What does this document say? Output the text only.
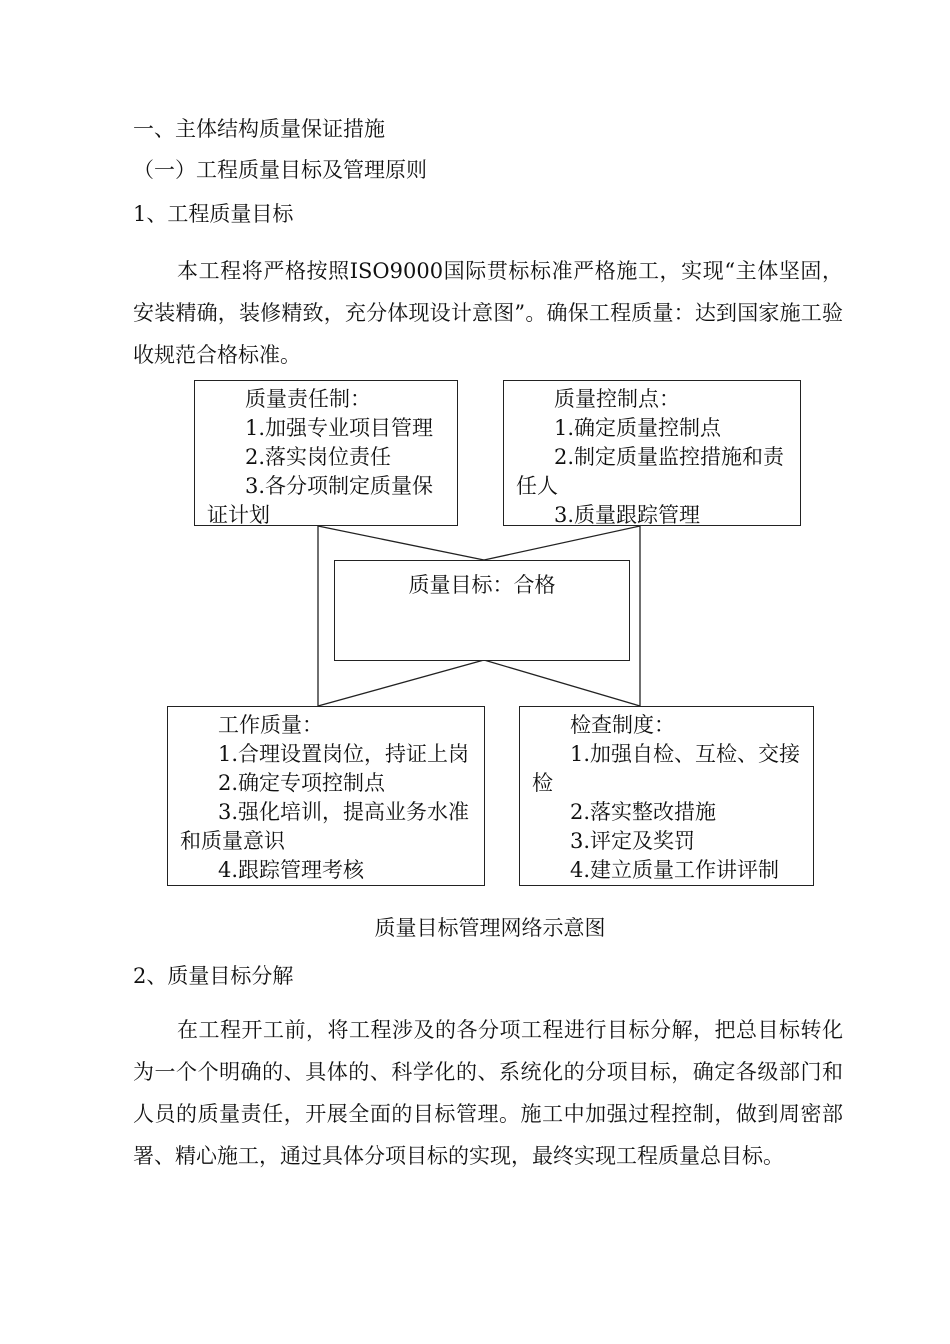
一、主体结构质量保证措施
（一）工程质量目标及管理原则
1、工程质量目标
本工程将严格按照ISO9000国际贯标标准严格施工，实现“主体坚固，安装精确，装修精致，充分体现设计意图”。确保工程质量：达到国家施工验收规范合格标准。
质量责任制：
1.加强专业项目管理
2.落实岗位责任
3.各分项制定质量保证计划
质量控制点：
1.确定质量控制点
2.制定质量监控措施和责任人
3.质量跟踪管理
质量目标：合格
工作质量：
1.合理设置岗位，持证上岗
2.确定专项控制点
3.强化培训，提高业务水准和质量意识
4.跟踪管理考核
检查制度：
1.加强自检、互检、交接检
2.落实整改措施
3.评定及奖罚
4.建立质量工作讲评制
质量目标管理网络示意图
2、质量目标分解
在工程开工前，将工程涉及的各分项工程进行目标分解，把总目标转化为一个个明确的、具体的、科学化的、系统化的分项目标，确定各级部门和人员的质量责任，开展全面的目标管理。施工中加强过程控制，做到周密部署、精心施工，通过具体分项目标的实现，最终实现工程质量总目标。
